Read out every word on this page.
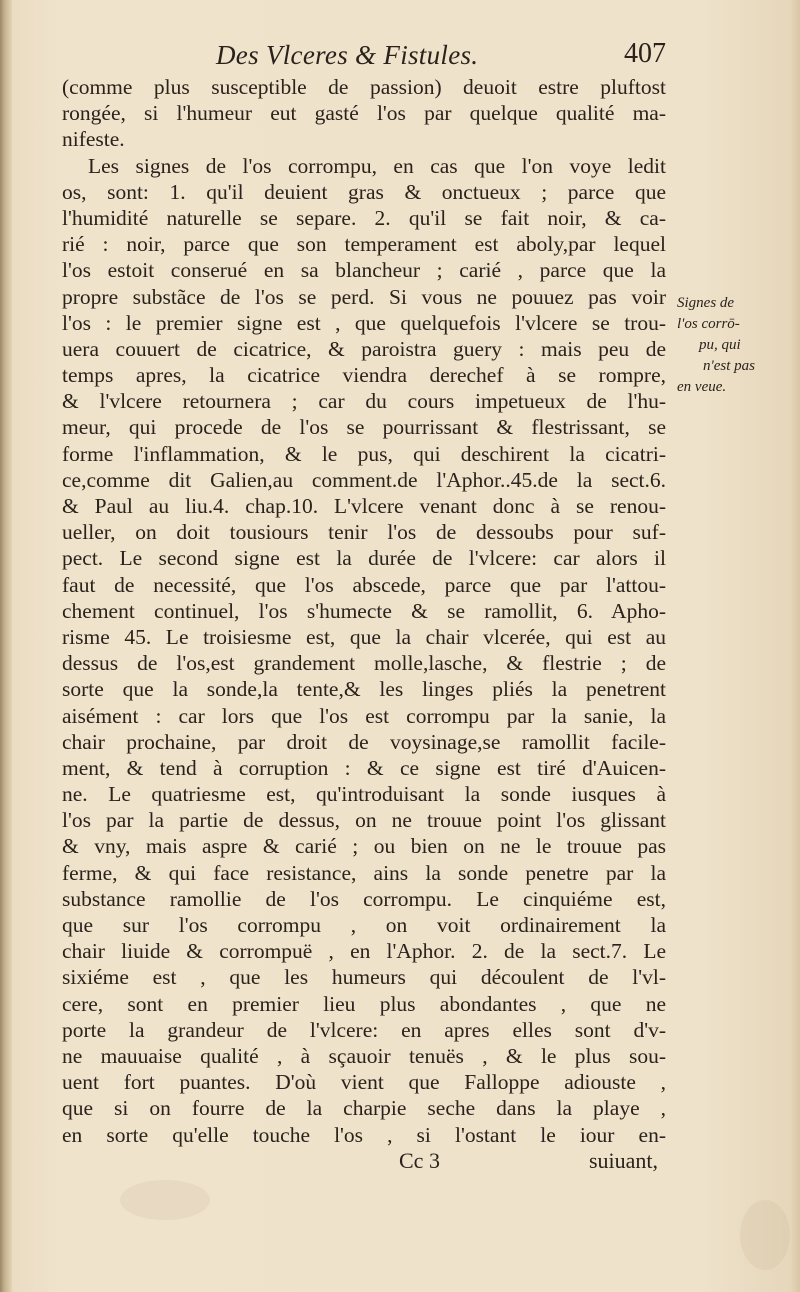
Des Vlceres & Fistules.	407
(comme plus susceptible de passion) deuoit estre pluftost
rongée, si l'humeur eut gasté l'os par quelque qualité ma-
nifeste.
Les signes de l'os corrompu, en cas que l'on voye ledit
os, sont: 1. qu'il deuient gras & onctueux ; parce que
l'humidité naturelle se separe. 2. qu'il se fait noir, & ca-
rié : noir, parce que son temperament est aboly,par lequel
l'os estoit conserué en sa blancheur ; carié , parce que la
propre substãce de l'os se perd. Si vous ne pouuez pas voir
l'os : le premier signe est , que quelquefois l'vlcere se trou-
uera couuert de cicatrice, & paroistra guery : mais peu de
temps apres, la cicatrice viendra derechef à se rompre,
& l'vlcere retournera ; car du cours impetueux de l'hu-
meur, qui procede de l'os se pourrissant & flestrissant, se
forme l'inflammation, & le pus, qui deschirent la cicatri-
ce,comme dit Galien,au comment.de l'Aphor..45.de la sect.6.
& Paul au liu.4. chap.10. L'vlcere venant donc à se renou-
ueller, on doit tousiours tenir l'os de dessoubs pour suf-
pect. Le second signe est la durée de l'vlcere: car alors il
faut de necessité, que l'os abscede, parce que par l'attou-
chement continuel, l'os s'humecte & se ramollit, 6. Apho-
risme 45. Le troisiesme est, que la chair vlcerée, qui est au
dessus de l'os,est grandement molle,lasche, & flestrie ; de
sorte que la sonde,la tente,& les linges pliés la penetrent
aisément : car lors que l'os est corrompu par la sanie, la
chair prochaine, par droit de voysinage,se ramollit facile-
ment, & tend à corruption : & ce signe est tiré d'Auicen-
ne. Le quatriesme est, qu'introduisant la sonde iusques à
l'os par la partie de dessus, on ne trouue point l'os glissant
& vny, mais aspre & carié ; ou bien on ne le trouue pas
ferme, & qui face resistance, ains la sonde penetre par la
substance ramollie de l'os corrompu. Le cinquiéme est,
que sur l'os corrompu , on voit ordinairement la
chair liuide & corrompuë , en l'Aphor. 2. de la sect.7. Le
sixiéme est , que les humeurs qui découlent de l'vl-
cere, sont en premier lieu plus abondantes , que ne
porte la grandeur de l'vlcere: en apres elles sont d'v-
ne mauuaise qualité , à sçauoir tenuës , & le plus sou-
uent fort puantes. D'où vient que Falloppe adiouste ,
que si on fourre de la charpie seche dans la playe ,
en sorte qu'elle touche l'os , si l'ostant le iour en-
Cc 3	suiuant,
Signes de
l'os corrō-
pu, qui
n'est pas
en veue.
